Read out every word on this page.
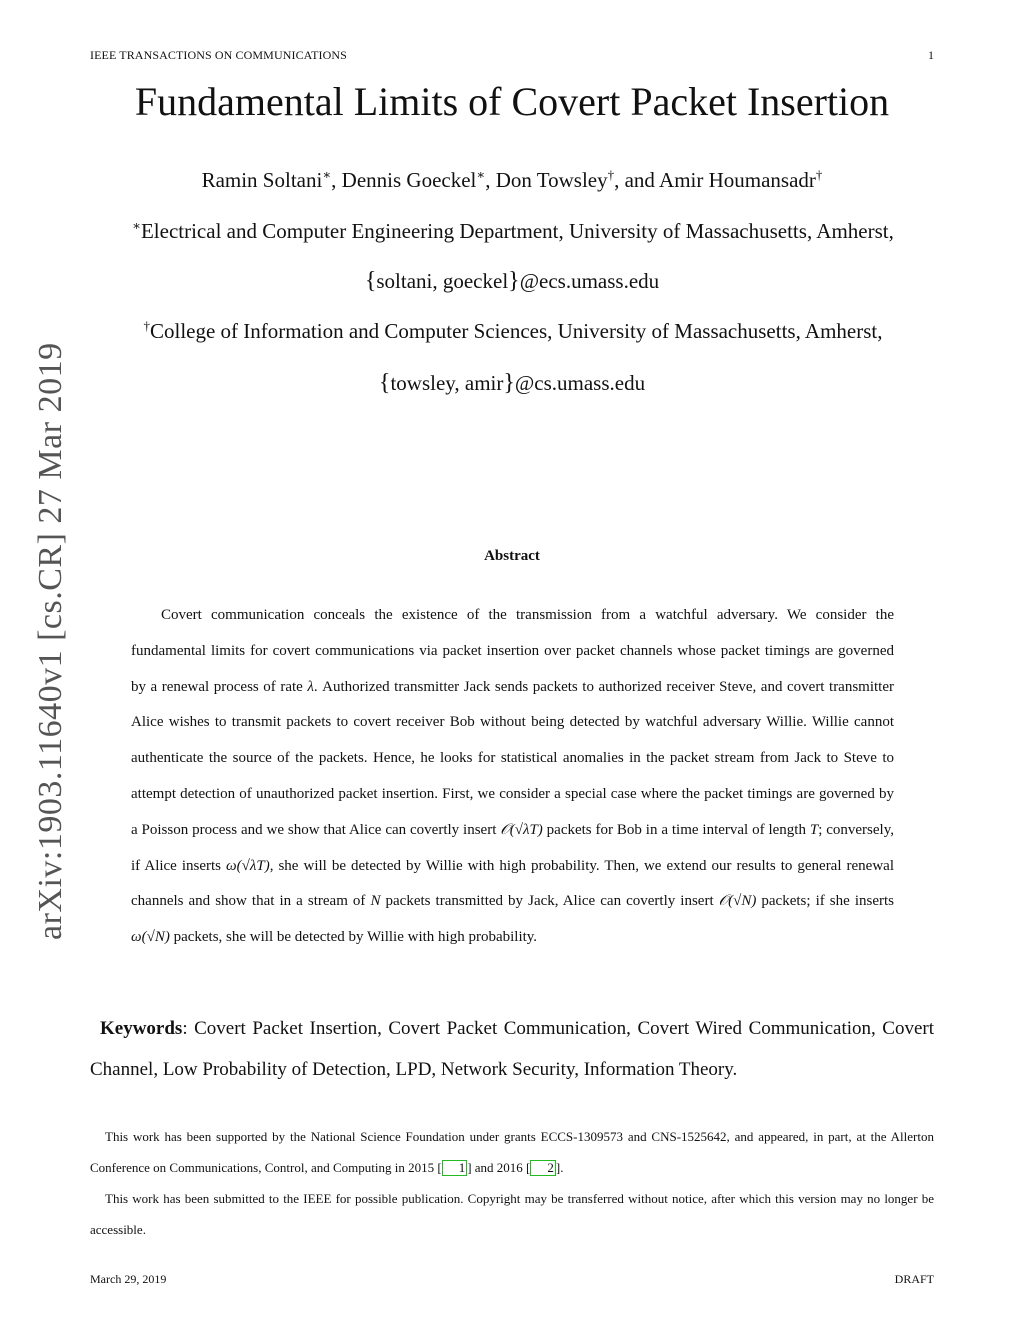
IEEE TRANSACTIONS ON COMMUNICATIONS	1
Fundamental Limits of Covert Packet Insertion
Ramin Soltani∗, Dennis Goeckel∗, Don Towsley†, and Amir Houmansadr†
∗Electrical and Computer Engineering Department, University of Massachusetts, Amherst,
{soltani, goeckel}@ecs.umass.edu
†College of Information and Computer Sciences, University of Massachusetts, Amherst,
{towsley, amir}@cs.umass.edu
arXiv:1903.11640v1 [cs.CR] 27 Mar 2019	Abstract
Covert communication conceals the existence of the transmission from a watchful adversary. We consider the fundamental limits for covert communications via packet insertion over packet channels whose packet timings are governed by a renewal process of rate λ. Authorized transmitter Jack sends packets to authorized receiver Steve, and covert transmitter Alice wishes to transmit packets to covert receiver Bob without being detected by watchful adversary Willie. Willie cannot authenticate the source of the packets. Hence, he looks for statistical anomalies in the packet stream from Jack to Steve to attempt detection of unauthorized packet insertion. First, we consider a special case where the packet timings are governed by a Poisson process and we show that Alice can covertly insert 𝒪(√λT) packets for Bob in a time interval of length T; conversely, if Alice inserts ω(√λT), she will be detected by Willie with high probability. Then, we extend our results to general renewal channels and show that in a stream of N packets transmitted by Jack, Alice can covertly insert 𝒪(√N) packets; if she inserts ω(√N) packets, she will be detected by Willie with high probability.
Keywords: Covert Packet Insertion, Covert Packet Communication, Covert Wired Communication, Covert Channel, Low Probability of Detection, LPD, Network Security, Information Theory.
This work has been supported by the National Science Foundation under grants ECCS-1309573 and CNS-1525642, and appeared, in part, at the Allerton Conference on Communications, Control, and Computing in 2015 [ 1 ] and 2016 [ 2 ].
This work has been submitted to the IEEE for possible publication. Copyright may be transferred without notice, after which this version may no longer be accessible.
March 29, 2019	DRAFT
